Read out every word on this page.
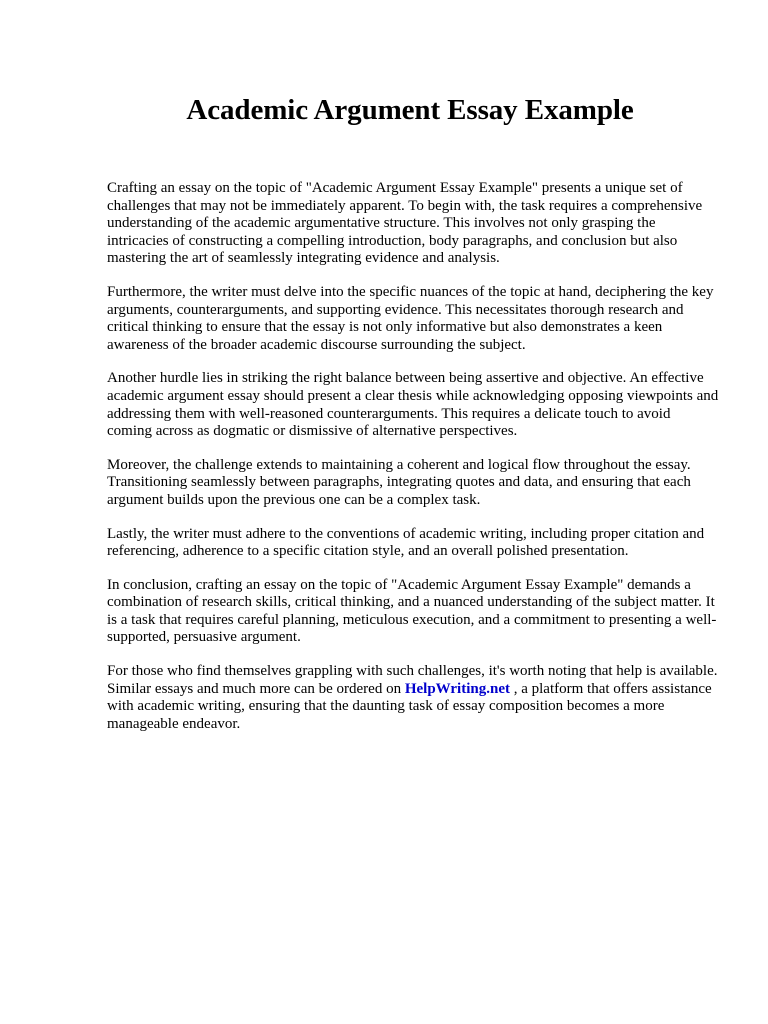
Academic Argument Essay Example

Crafting an essay on the topic of "Academic Argument Essay Example" presents a unique set of challenges that may not be immediately apparent. To begin with, the task requires a comprehensive understanding of the academic argumentative structure. This involves not only grasping the intricacies of constructing a compelling introduction, body paragraphs, and conclusion but also mastering the art of seamlessly integrating evidence and analysis.

Furthermore, the writer must delve into the specific nuances of the topic at hand, deciphering the key arguments, counterarguments, and supporting evidence. This necessitates thorough research and critical thinking to ensure that the essay is not only informative but also demonstrates a keen awareness of the broader academic discourse surrounding the subject.

Another hurdle lies in striking the right balance between being assertive and objective. An effective academic argument essay should present a clear thesis while acknowledging opposing viewpoints and addressing them with well-reasoned counterarguments. This requires a delicate touch to avoid coming across as dogmatic or dismissive of alternative perspectives.

Moreover, the challenge extends to maintaining a coherent and logical flow throughout the essay. Transitioning seamlessly between paragraphs, integrating quotes and data, and ensuring that each argument builds upon the previous one can be a complex task.

Lastly, the writer must adhere to the conventions of academic writing, including proper citation and referencing, adherence to a specific citation style, and an overall polished presentation.

In conclusion, crafting an essay on the topic of "Academic Argument Essay Example" demands a combination of research skills, critical thinking, and a nuanced understanding of the subject matter. It is a task that requires careful planning, meticulous execution, and a commitment to presenting a well-supported, persuasive argument.

For those who find themselves grappling with such challenges, it's worth noting that help is available. Similar essays and much more can be ordered on HelpWriting.net , a platform that offers assistance with academic writing, ensuring that the daunting task of essay composition becomes a more manageable endeavor.
